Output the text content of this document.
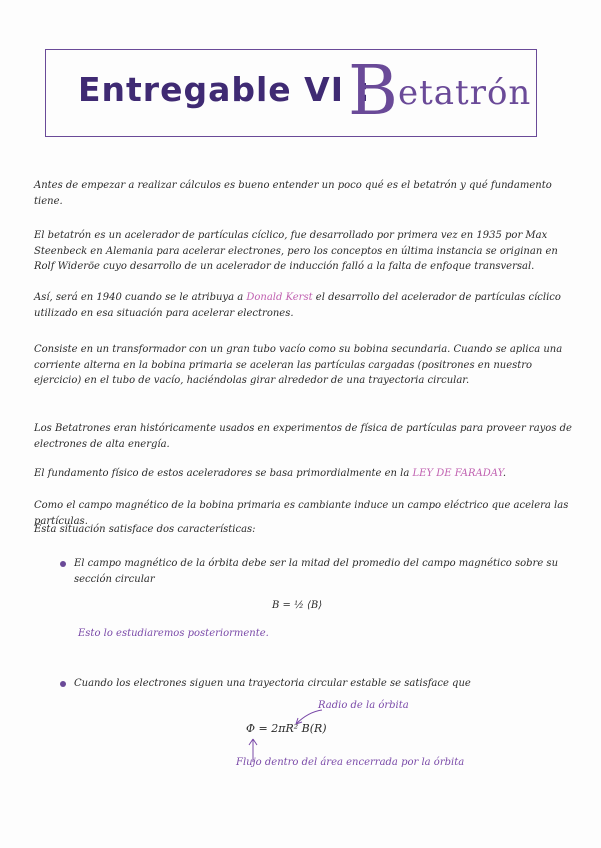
Entregable VI :
Betatrón
Antes de empezar a realizar cálculos es bueno entender un poco qué es el betatrón y qué fundamento tiene.
El betatrón es un acelerador de partículas cíclico, fue desarrollado por primera vez en 1935 por Max Steenbeck en Alemania para acelerar electrones, pero los conceptos en última instancia se originan en Rolf Wideröe cuyo desarrollo de un acelerador de inducción falló a la falta de enfoque transversal.
Así, será en 1940 cuando se le atribuya a Donald Kerst el desarrollo del acelerador de partículas cíclico utilizado en esa situación para acelerar electrones.
Consiste en un transformador con un gran tubo vacío como su bobina secundaria. Cuando se aplica una corriente alterna en la bobina primaria se aceleran las partículas cargadas (positrones en nuestro ejercicio) en el tubo de vacío, haciéndolas girar alrededor de una trayectoria circular.
Los Betatrones eran históricamente usados en experimentos de física de partículas para proveer rayos de electrones de alta energía.
El fundamento físico de estos aceleradores se basa primordialmente en la LEY DE FARADAY.
Como el campo magnético de la bobina primaria es cambiante induce un campo eléctrico que acelera las partículas.
Esta situación satisface dos características:
El campo magnético de la órbita debe ser la mitad del promedio del campo magnético sobre su sección circular
B = ½ ⟨B⟩
Esto lo estudiaremos posteriormente.
Cuando los electrones siguen una trayectoria circular estable se satisface que
Radio de la órbita
Φ = 2πR² B(R)
Flujo dentro del área encerrada por la órbita
